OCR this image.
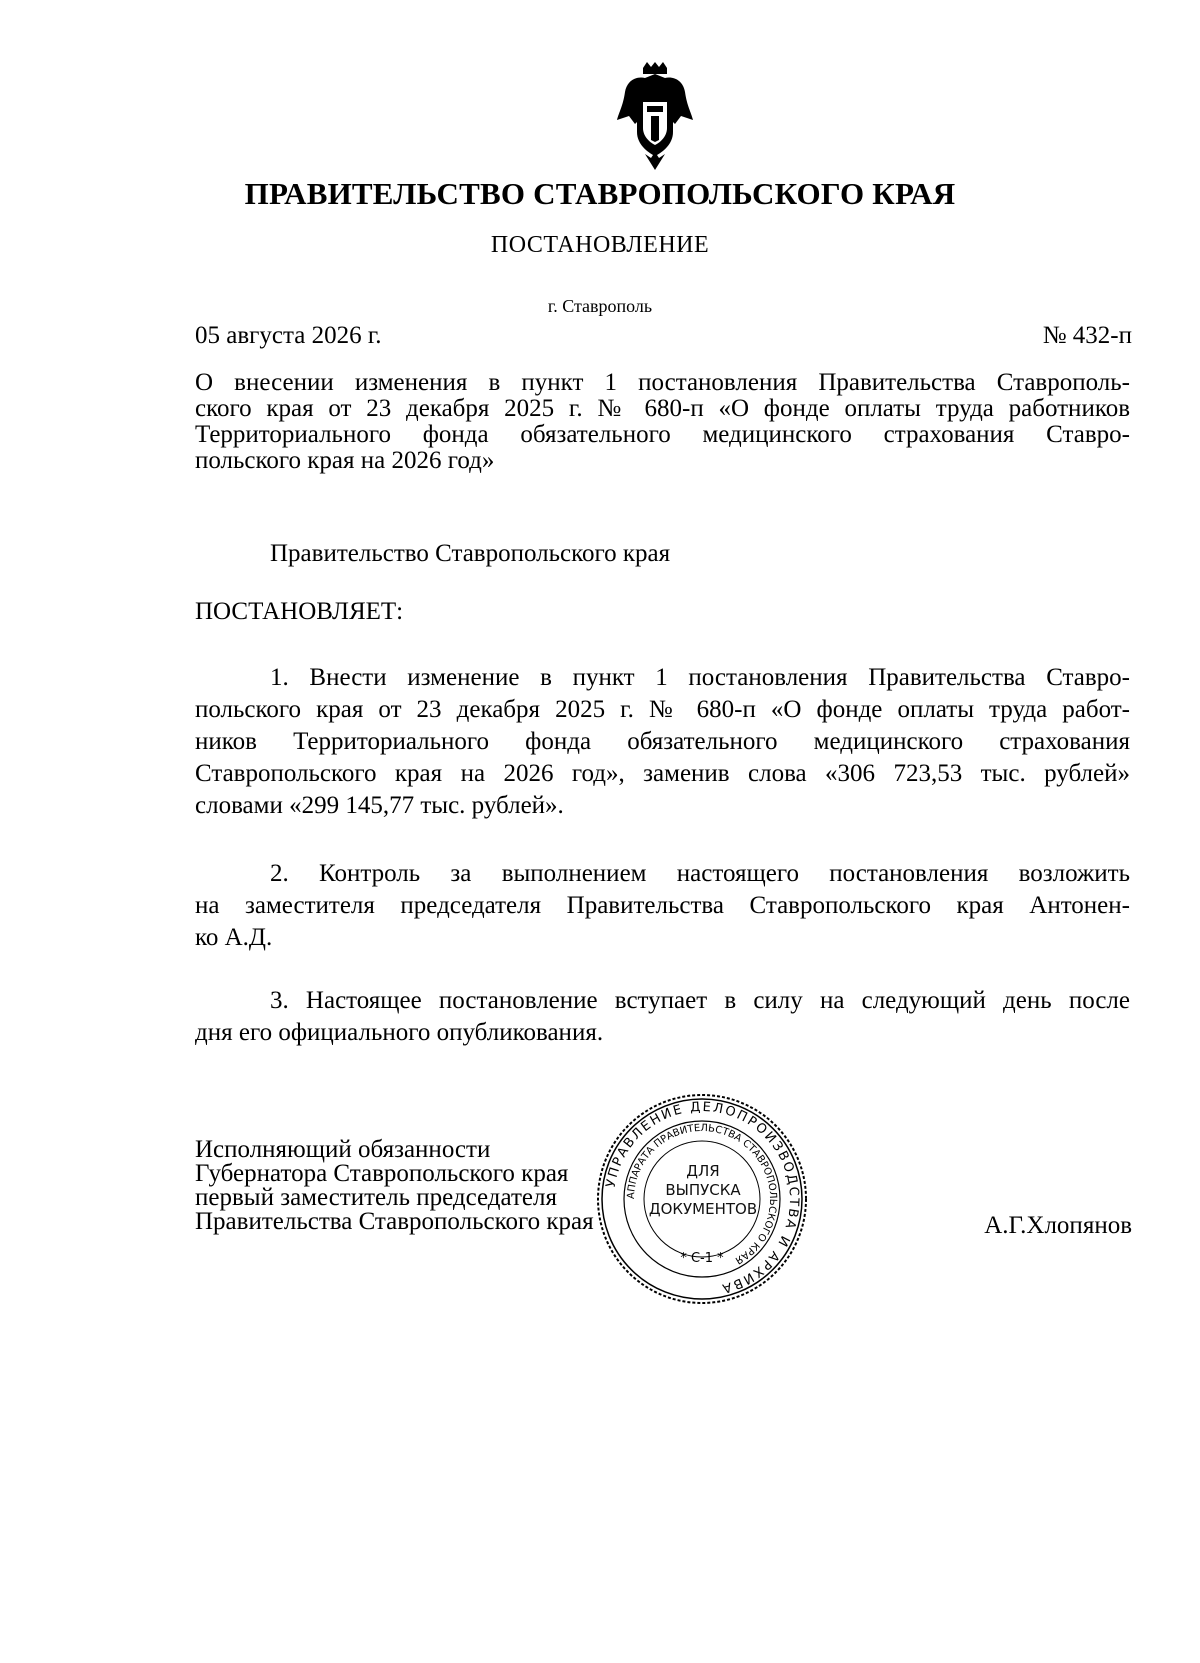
ПРАВИТЕЛЬСТВО СТАВРОПОЛЬСКОГО КРАЯ
ПОСТАНОВЛЕНИЕ
г. Ставрополь
05 августа 2026 г.	№ 432-п
О внесении изменения в пункт 1 постановления Правительства Ставрополь-
ского края от 23 декабря 2025 г. № 680-п «О фонде оплаты труда работников
Территориального фонда обязательного медицинского страхования Ставро-
польского края на 2026 год»
Правительство Ставропольского края
ПОСТАНОВЛЯЕТ:
1. Внести изменение в пункт 1 постановления Правительства Ставро-
польского края от 23 декабря 2025 г. № 680-п «О фонде оплаты труда работ-
ников Территориального фонда обязательного медицинского страхования
Ставропольского края на 2026 год», заменив слова «306 723,53 тыс. рублей»
словами «299 145,77 тыс. рублей».
2. Контроль за выполнением настоящего постановления возложить
на заместителя председателя Правительства Ставропольского края Антонен-
ко А.Д.
3. Настоящее постановление вступает в силу на следующий день после
дня его официального опубликования.
Исполняющий обязанности
Губернатора Ставропольского края
первый заместитель председателя
Правительства Ставропольского края
УПРАВЛЕНИЕ ДЕЛОПРОИЗВОДСТВА И АРХИВА
АППАРАТА ПРАВИТЕЛЬСТВА СТАВРОПОЛЬСКОГО КРАЯ
* С-1 *
ДЛЯ
ВЫПУСКА
ДОКУМЕНТОВ
А.Г.Хлопянов
